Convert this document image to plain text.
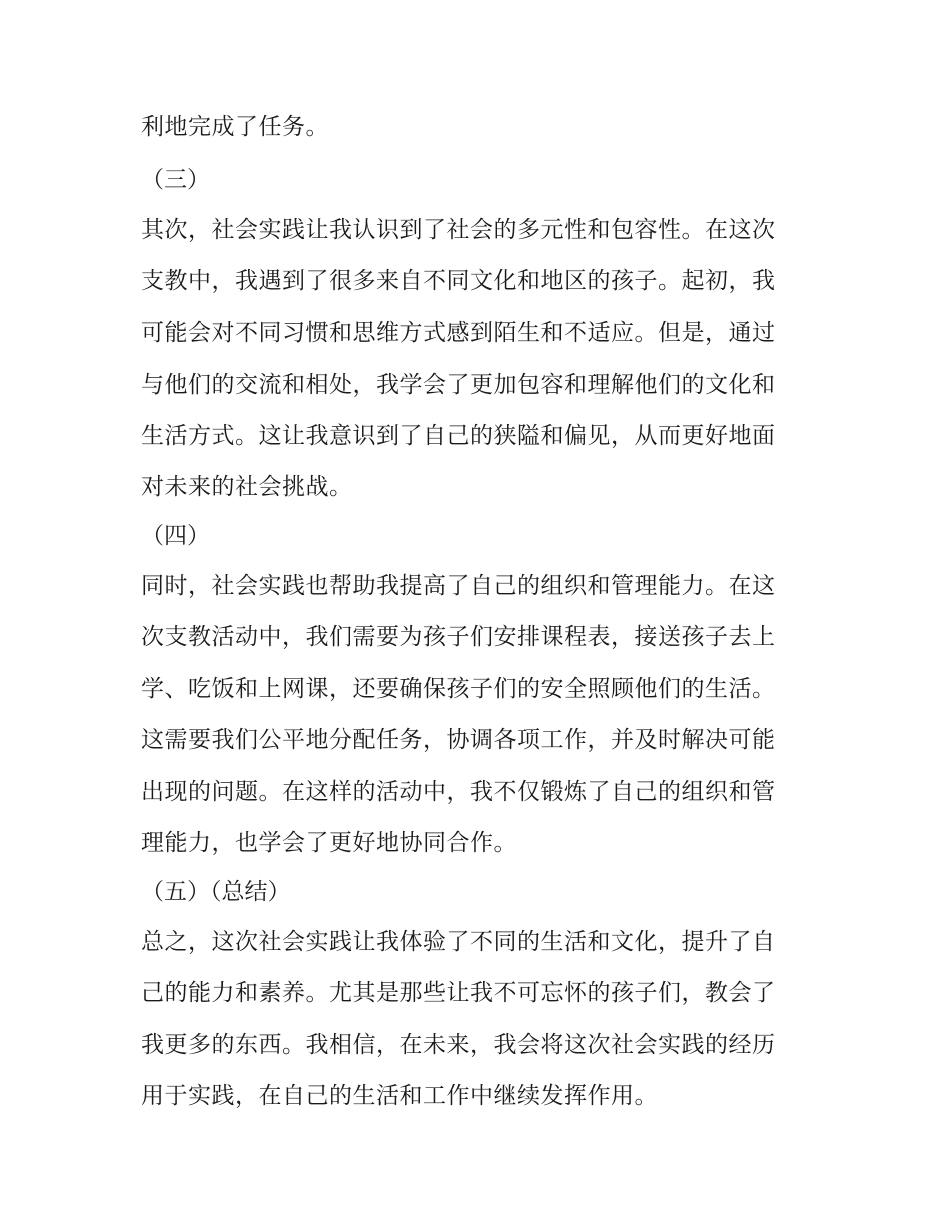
利地完成了任务。
（三）
其次，社会实践让我认识到了社会的多元性和包容性。在这次
支教中，我遇到了很多来自不同文化和地区的孩子。起初，我
可能会对不同习惯和思维方式感到陌生和不适应。但是，通过
与他们的交流和相处，我学会了更加包容和理解他们的文化和
生活方式。这让我意识到了自己的狭隘和偏见，从而更好地面
对未来的社会挑战。
（四）
同时，社会实践也帮助我提高了自己的组织和管理能力。在这
次支教活动中，我们需要为孩子们安排课程表，接送孩子去上
学、吃饭和上网课，还要确保孩子们的安全照顾他们的生活。
这需要我们公平地分配任务，协调各项工作，并及时解决可能
出现的问题。在这样的活动中，我不仅锻炼了自己的组织和管
理能力，也学会了更好地协同合作。
（五）（总结）
总之，这次社会实践让我体验了不同的生活和文化，提升了自
己的能力和素养。尤其是那些让我不可忘怀的孩子们，教会了
我更多的东西。我相信，在未来，我会将这次社会实践的经历
用于实践，在自己的生活和工作中继续发挥作用。
